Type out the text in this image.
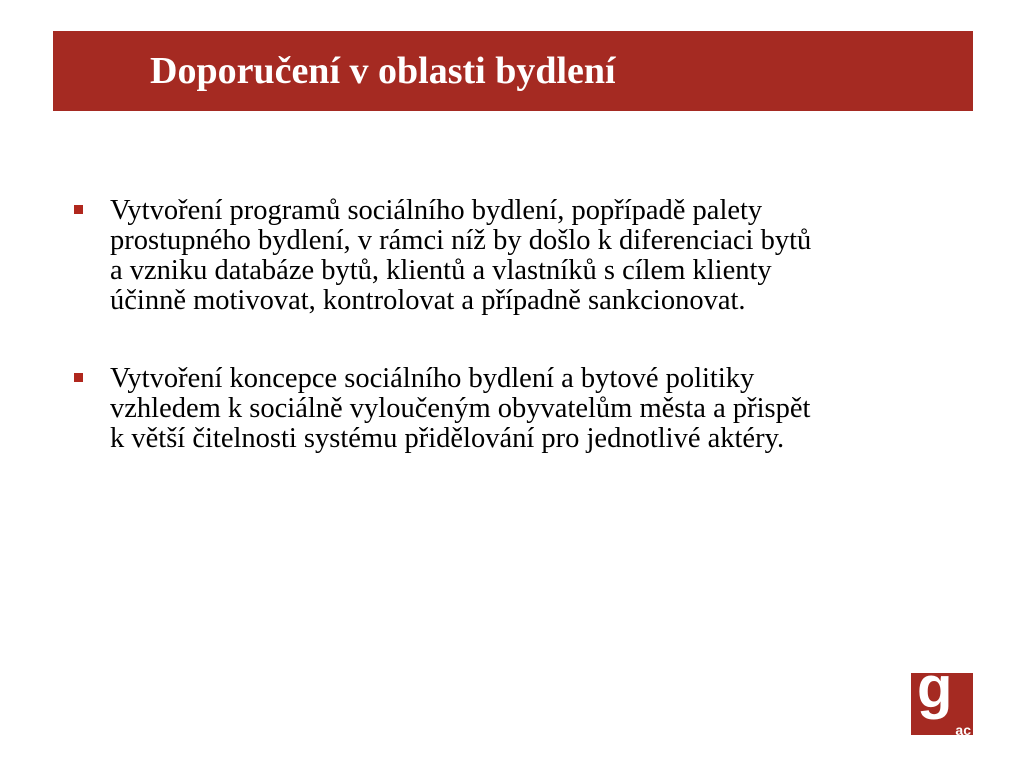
Doporučení v oblasti bydlení
Vytvoření programů sociálního bydlení, popřípadě palety
prostupného bydlení, v rámci níž by došlo k diferenciaci bytů
a vzniku databáze bytů, klientů a vlastníků s cílem klienty
účinně motivovat, kontrolovat a případně sankcionovat.
Vytvoření koncepce sociálního bydlení a bytové politiky
vzhledem k sociálně vyloučeným obyvatelům města a přispět
k větší čitelnosti systému přidělování pro jednotlivé aktéry.
g
ac
